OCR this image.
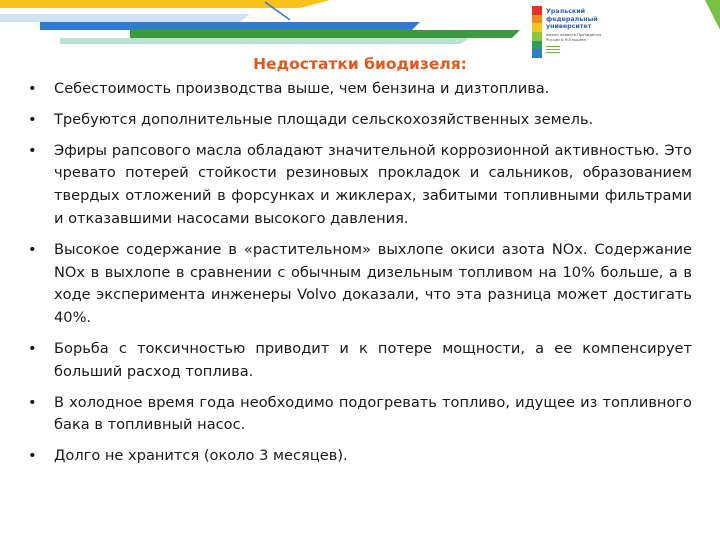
Уральский
федеральный
университет
имени первого Президента
России Б.Н.Ельцина
Недостатки биодизеля:
•	Себестоимость производства выше, чем бензина и дизтоплива.
•	Требуются дополнительные площади сельскохозяйственных земель.
•	Эфиры рапсового масла обладают значительной коррозионной активностью. Это чревато потерей стойкости резиновых прокладок и сальников, образованием твердых отложений в форсунках и жиклерах, забитыми топливными фильтрами и отказавшими насосами высокого давления.
•	Высокое содержание в «растительном» выхлопе окиси азота NOx. Содержание NOx в выхлопе в сравнении с обычным дизельным топливом на 10% больше, а в ходе эксперимента инженеры Volvo доказали, что эта разница может достигать 40%.
•	Борьба с токсичностью приводит и к потере мощности, а ее компенсирует больший расход топлива.
•	В холодное время года необходимо подогревать топливо, идущее из топливного бака в топливный насос.
•	Долго не хранится (около 3 месяцев).
